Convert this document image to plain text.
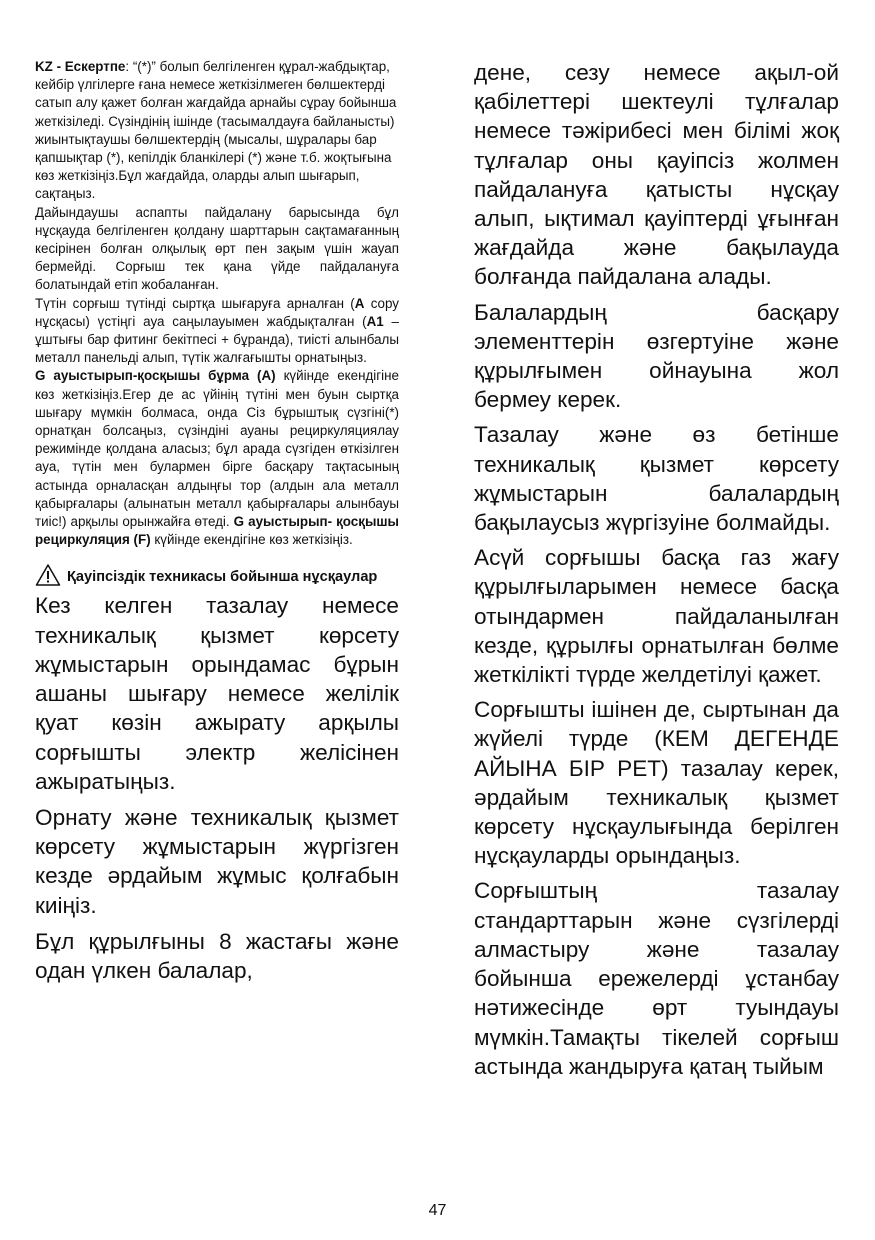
KZ - Ескертпе: “(*)” болып белгіленген құрал-жабдықтар, кейбір үлгілерге ғана немесе жеткізілмеген бөлшектерді сатып алу қажет болған жағдайда арнайы сұрау бойынша жеткізіледі. Сүзіндінің ішінде (тасымалдауға байланысты) жиынтықтаушы бөлшектердің (мысалы, шұралары бар қапшықтар (*), кепілдік бланкілері (*) және т.б. жоқтығына көз жеткізіңіз.Бұл жағдайда, оларды алып шығарып, сақтаңыз.

Дайындаушы аспапты пайдалану барысында бұл нұсқауда белгіленген қолдану шарттарын сақтамағанның кесірінен болған олқылық өрт пен зақым үшін жауап бермейді. Сорғыш тек қана үйде пайдалануға болатындай етіп жобаланған.

Түтін сорғыш түтінді сыртқа шығаруға арналған (A сору нұсқасы) үстіңгі ауа саңылауымен жабдықталған (A1 – ұштығы бар фитинг бекітпесі + бұранда), тиісті алынбалы металл панельді алып, түтік жалғағышты орнатыңыз.

G ауыстырып-қосқышы бұрма (A) күйінде екендігіне көз жеткізіңіз.Егер де ас үйінің түтіні мен буын сыртқа шығару мүмкін болмаса, онда Сіз бұрыштық сүзгіні(*) орнатқан болсаңыз, сүзіндіні ауаны рециркуляциялау режимінде қолдана аласыз; бұл арада сүзгіден өткізілген ауа, түтін мен булармен бірге басқару тақтасының астында орналасқан алдыңғы тор (алдын ала металл қабырғалары (алынатын металл қабырғалары алынбауы тиіс!) арқылы орынжайға өтеді. G ауыстырып- қосқышы рециркуляция (F) күйінде екендігіне көз жеткізіңіз.

Қауіпсіздік техникасы бойынша нұсқаулар

Кез келген тазалау немесе техникалық қызмет көрсету жұмыстарын орындамас бұрын ашаны шығару немесе желілік қуат көзін ажырату арқылы сорғышты электр желісінен ажыратыңыз.

Орнату және техникалық қызмет көрсету жұмыстарын жүргізген кезде әрдайым жұмыс қолғабын киіңіз.

Бұл құрылғыны 8 жастағы және одан үлкен балалар,

дене, сезу немесе ақыл-ой қабілеттері шектеулі тұлғалар немесе тәжірибесі мен білімі жоқ тұлғалар оны қауіпсіз жолмен пайдалануға қатысты нұсқау алып, ықтимал қауіптерді ұғынған жағдайда және бақылауда болғанда пайдалана алады.

Балалардың басқару элементтерін өзгертуіне және құрылғымен ойнауына жол бермеу керек.

Тазалау және өз бетінше техникалық қызмет көрсету жұмыстарын балалардың бақылаусыз жүргізуіне болмайды.

Асүй сорғышы басқа газ жағу құрылғыларымен немесе басқа отындармен пайдаланылған кезде, құрылғы орнатылған бөлме жеткілікті түрде желдетілуі қажет.

Сорғышты ішінен де, сыртынан да жүйелі түрде (КЕМ ДЕГЕНДЕ АЙЫНА БІР РЕТ) тазалау керек, әрдайым техникалық қызмет көрсету нұсқаулығында берілген нұсқауларды орындаңыз.

Сорғыштың тазалау стандарттарын және сүзгілерді алмастыру және тазалау бойынша ережелерді ұстанбау нәтижесінде өрт туындауы мүмкін.Тамақты тікелей сорғыш астында жандыруға қатаң тыйым

47
